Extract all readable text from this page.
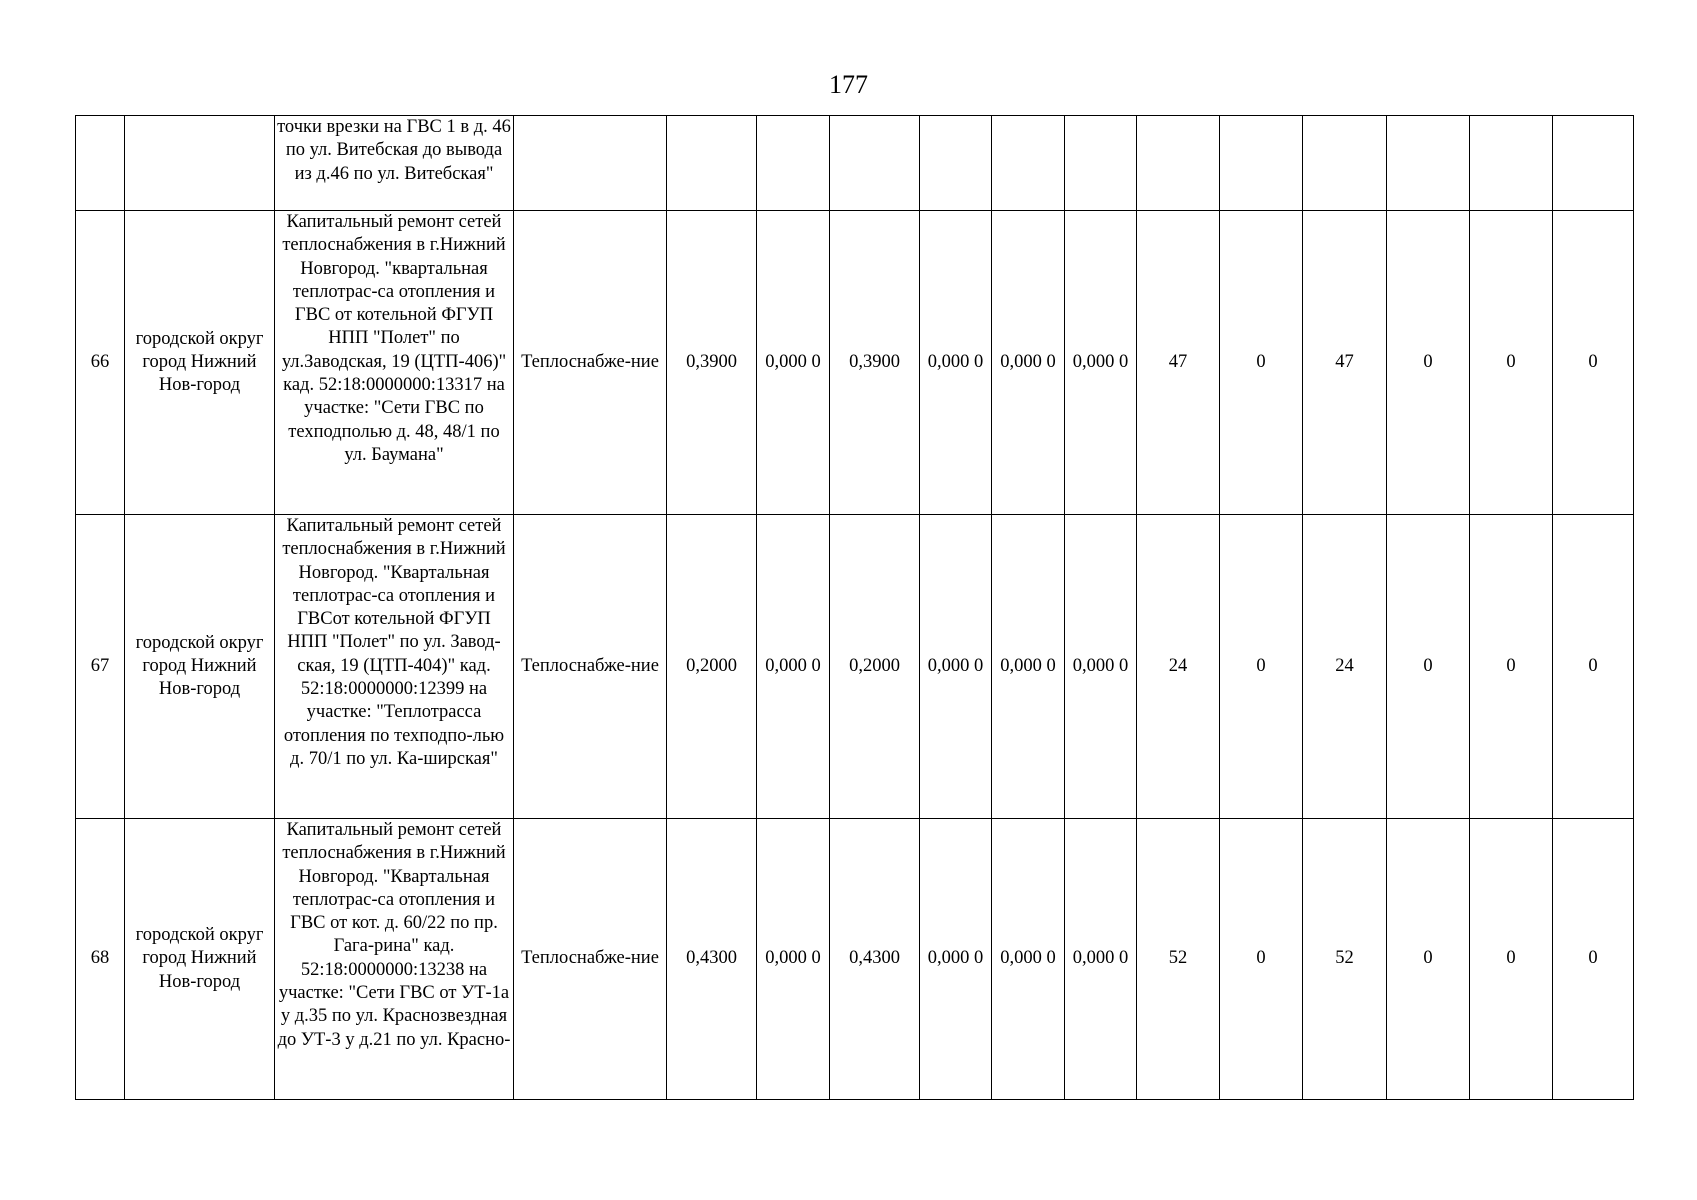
177
		точки врезки на ГВС 1 в д. 46 по ул. Витебская до вывода из д.46 по ул. Витебская"													
66	городской округ город Нижний Нов-город	Капитальный ремонт сетей теплоснабжения в г.Нижний Новгород. "квартальная теплотрас-са отопления и ГВС от котельной ФГУП НПП "Полет" по ул.Заводская, 19 (ЦТП-406)" кад. 52:18:0000000:13317 на участке: "Сети ГВС по техподполью д. 48, 48/1 по ул. Баумана"	Теплоснабже-ние	0,3900	0,000 0	0,3900	0,000 0	0,000 0	0,000 0	47	0	47	0	0	0
67	городской округ город Нижний Нов-город	Капитальный ремонт сетей теплоснабжения в г.Нижний Новгород. "Квартальная теплотрас-са отопления и ГВСот котельной ФГУП НПП "Полет" по ул. Завод-ская, 19 (ЦТП-404)" кад. 52:18:0000000:12399 на участке: "Теплотрасса отопления по техподпо-лью д. 70/1 по ул. Ка-ширская"	Теплоснабже-ние	0,2000	0,000 0	0,2000	0,000 0	0,000 0	0,000 0	24	0	24	0	0	0
68	городской округ город Нижний Нов-город	Капитальный ремонт сетей теплоснабжения в г.Нижний Новгород. "Квартальная теплотрас-са отопления и ГВС от кот. д. 60/22 по пр. Гага-рина" кад. 52:18:0000000:13238 на участке: "Сети ГВС от УТ-1а у д.35 по ул. Краснозвездная до УТ-3 у д.21 по ул. Красно-	Теплоснабже-ние	0,4300	0,000 0	0,4300	0,000 0	0,000 0	0,000 0	52	0	52	0	0	0
